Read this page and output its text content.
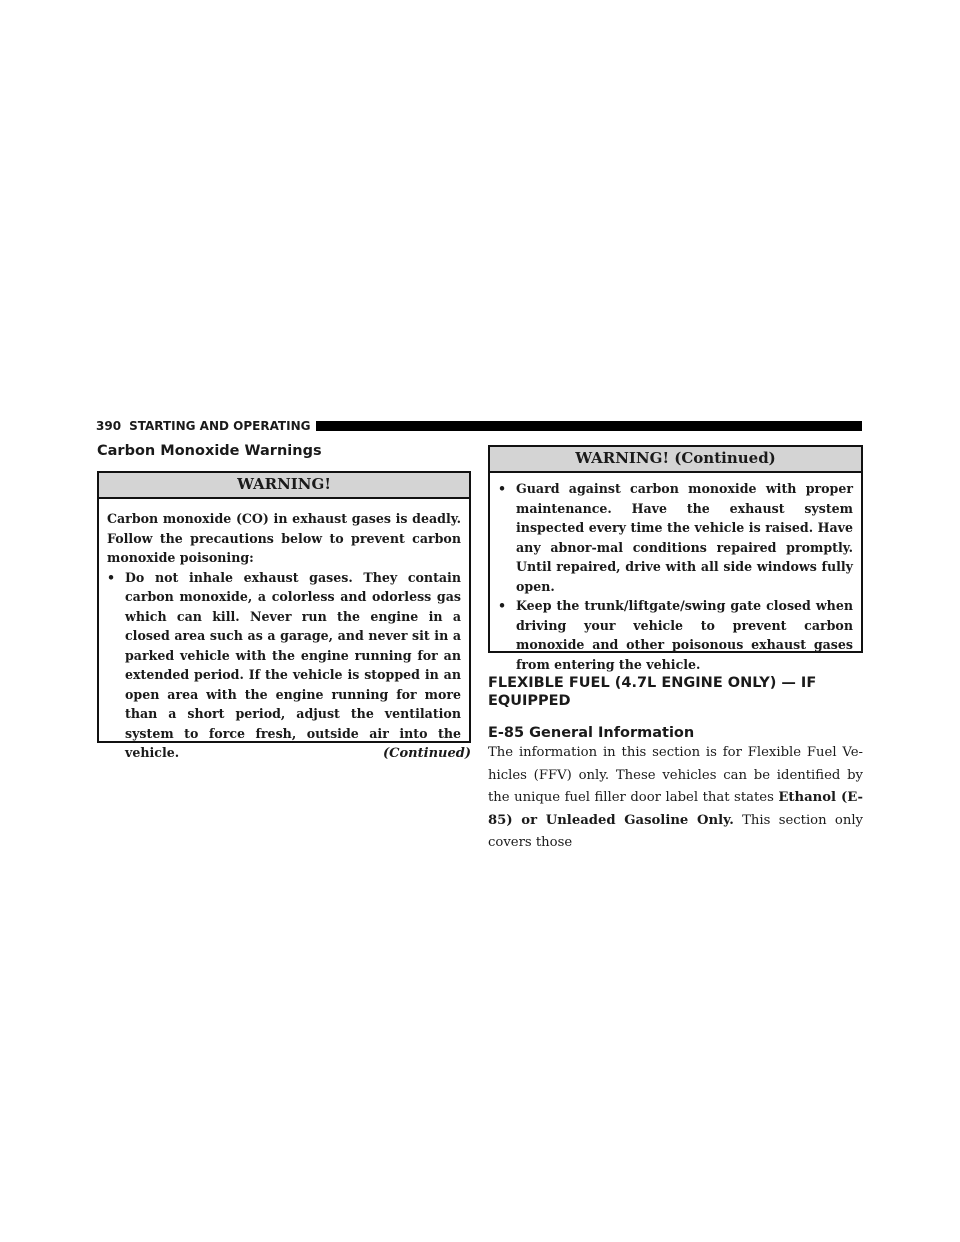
390 STARTING AND OPERATING
Carbon Monoxide Warnings
WARNING!

Carbon monoxide (CO) in exhaust gases is deadly. Follow the precautions below to prevent carbon monoxide poisoning:

• Do not inhale exhaust gases. They contain carbon monoxide, a colorless and odorless gas which can kill. Never run the engine in a closed area such as a garage, and never sit in a parked vehicle with the engine running for an extended period. If the vehicle is stopped in an open area with the engine running for more than a short period, adjust the ventilation system to force fresh, outside air into the vehicle.	(Continued)
WARNING! (Continued)
• Guard against carbon monoxide with proper maintenance. Have the exhaust system inspected every time the vehicle is raised. Have any abnor-mal conditions repaired promptly. Until repaired, drive with all side windows fully open.
• Keep the trunk/liftgate/swing gate closed when driving your vehicle to prevent carbon monoxide and other poisonous exhaust gases from entering the vehicle.
FLEXIBLE FUEL (4.7L ENGINE ONLY) — IF EQUIPPED
E-85 General Information

The information in this section is for Flexible Fuel Ve-hicles (FFV) only. These vehicles can be identified by the unique fuel filler door label that states Ethanol (E-85) or Unleaded Gasoline Only. This section only covers those
